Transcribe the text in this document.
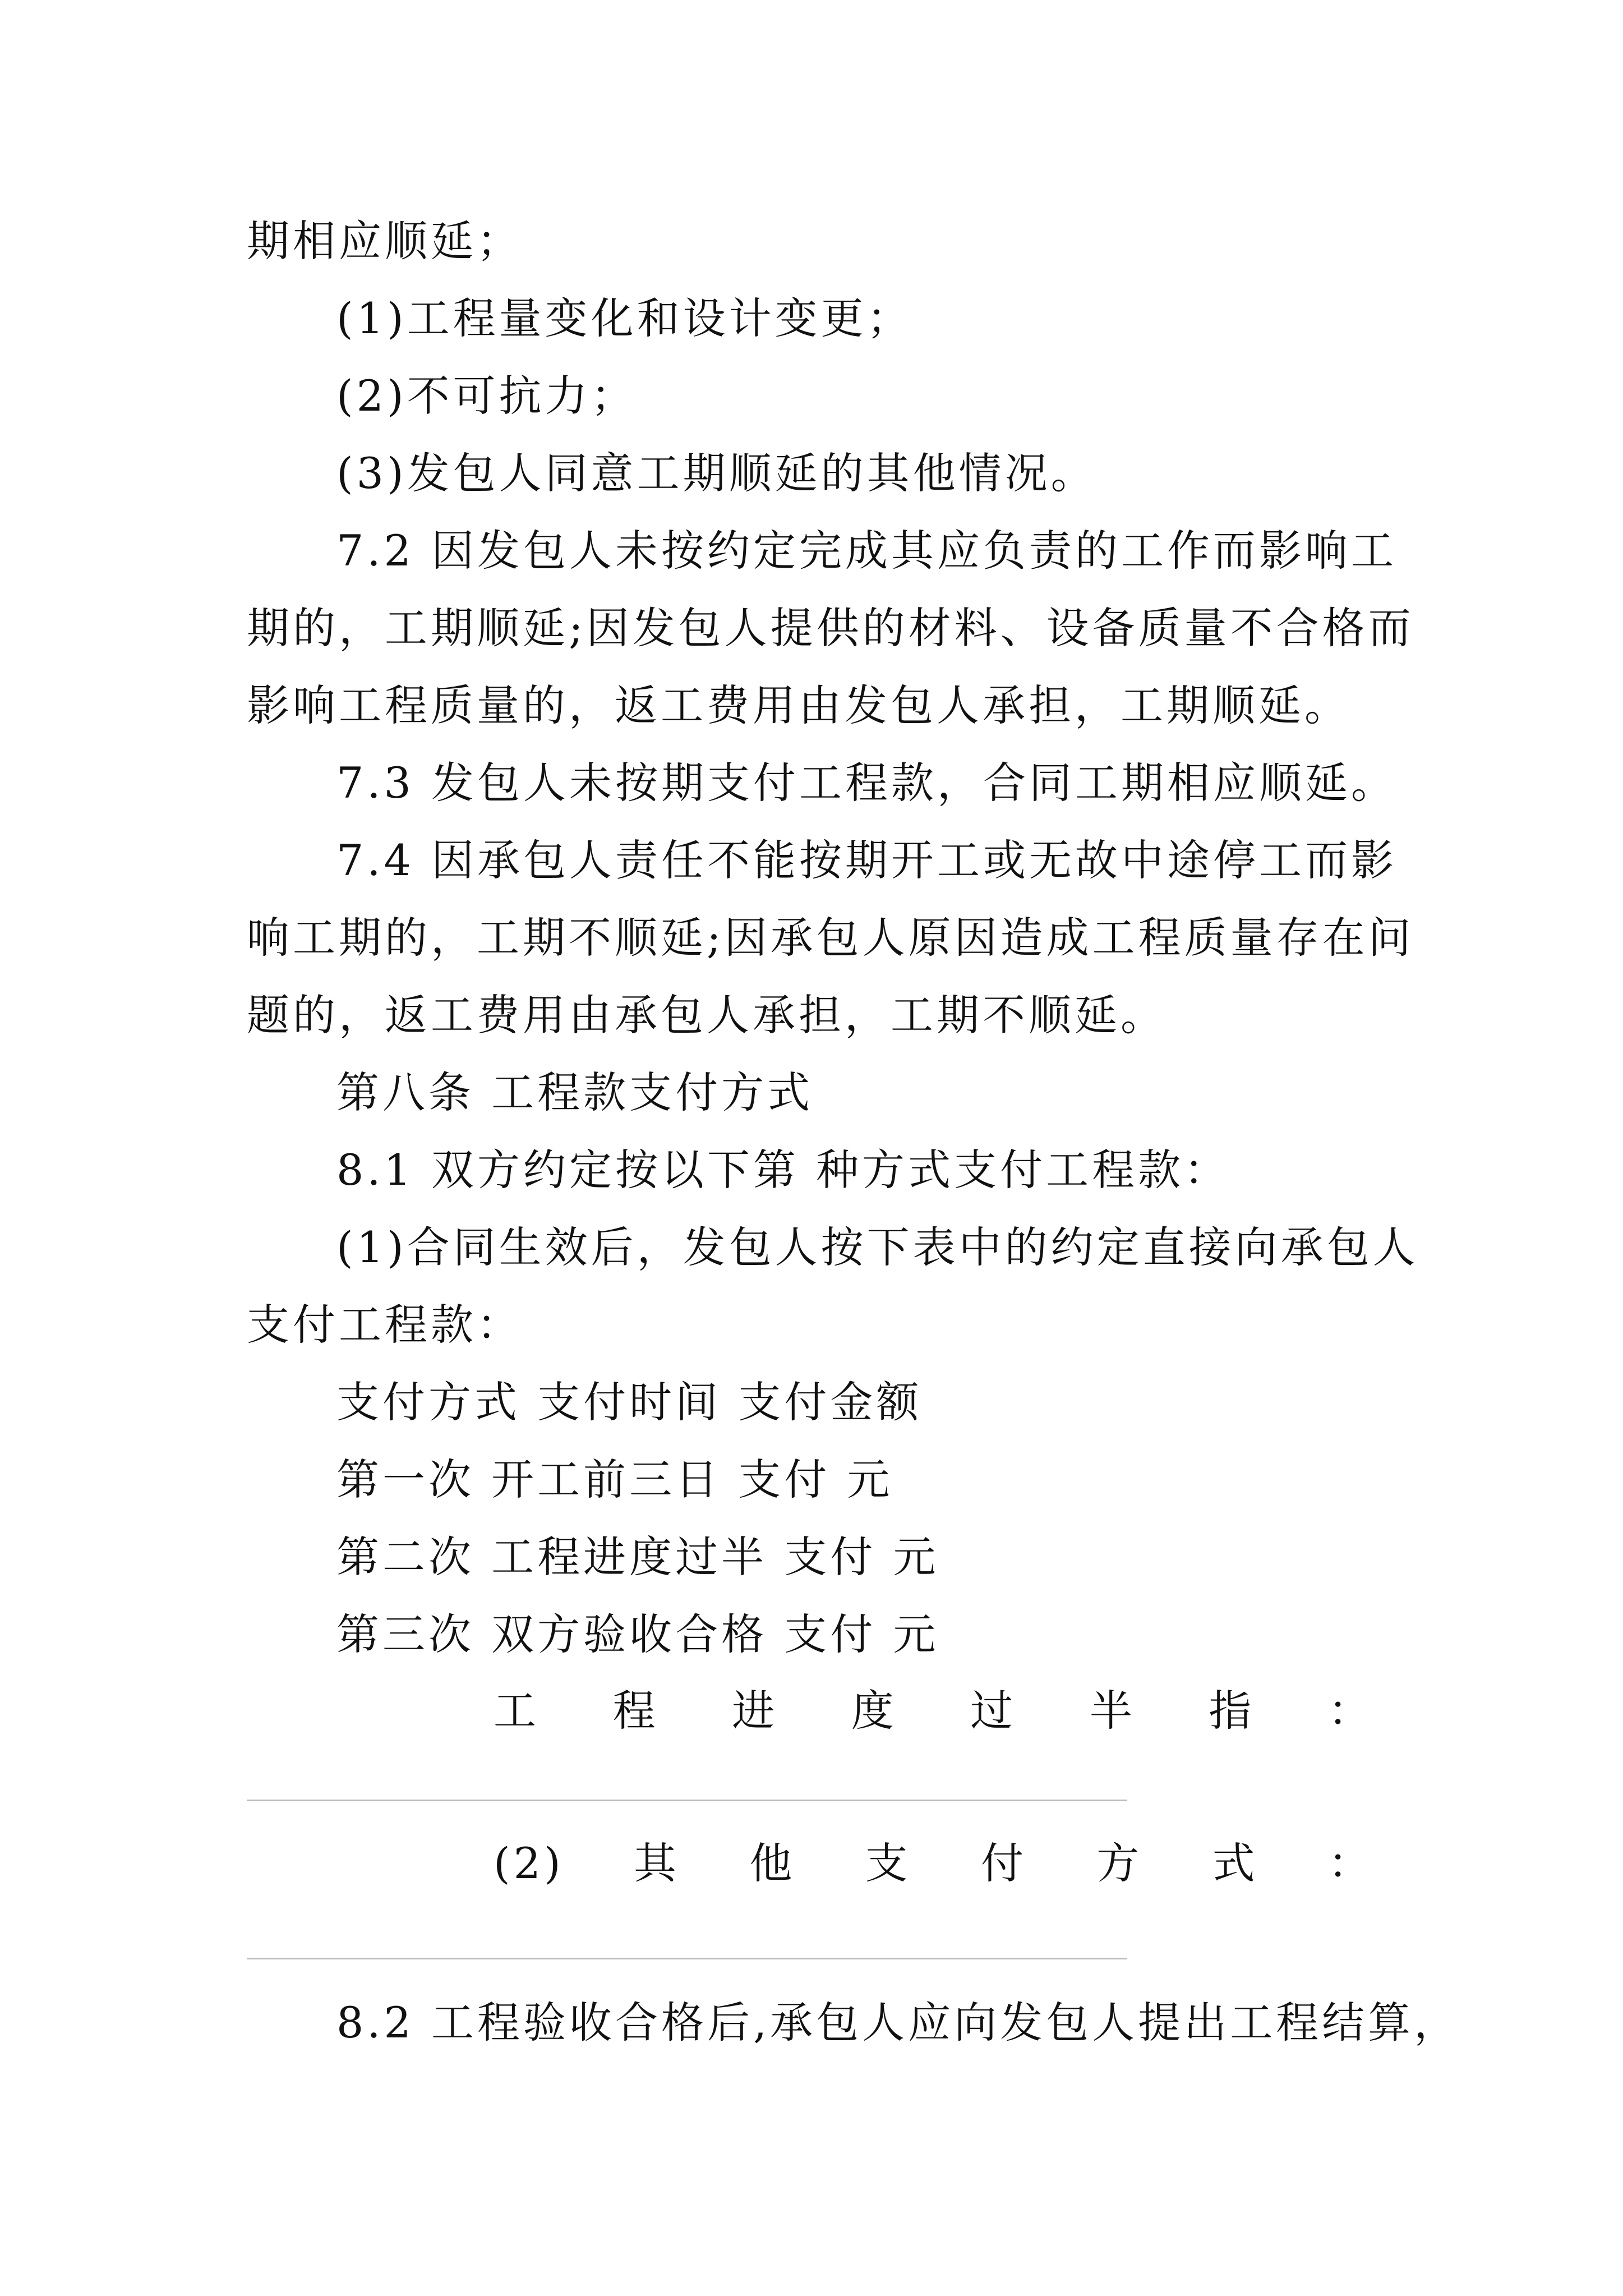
期相应顺延；
(1)工程量变化和设计变更；
(2)不可抗力；
(3)发包人同意工期顺延的其他情况。
7.2 因发包人未按约定完成其应负责的工作而影响工
期的，工期顺延;因发包人提供的材料、设备质量不合格而
影响工程质量的，返工费用由发包人承担，工期顺延。
7.3 发包人未按期支付工程款，合同工期相应顺延。
7.4 因承包人责任不能按期开工或无故中途停工而影
响工期的，工期不顺延;因承包人原因造成工程质量存在问
题的，返工费用由承包人承担，工期不顺延。
第八条 工程款支付方式
8.1 双方约定按以下第 种方式支付工程款：
(1)合同生效后，发包人按下表中的约定直接向承包人
支付工程款：
支付方式 支付时间 支付金额
第一次 开工前三日 支付 元
第二次 工程进度过半 支付 元
第三次 双方验收合格 支付 元
工 程 进 度 过 半 指 ：
(2) 其 他 支 付 方 式 ：
8.2 工程验收合格后,承包人应向发包人提出工程结算，
